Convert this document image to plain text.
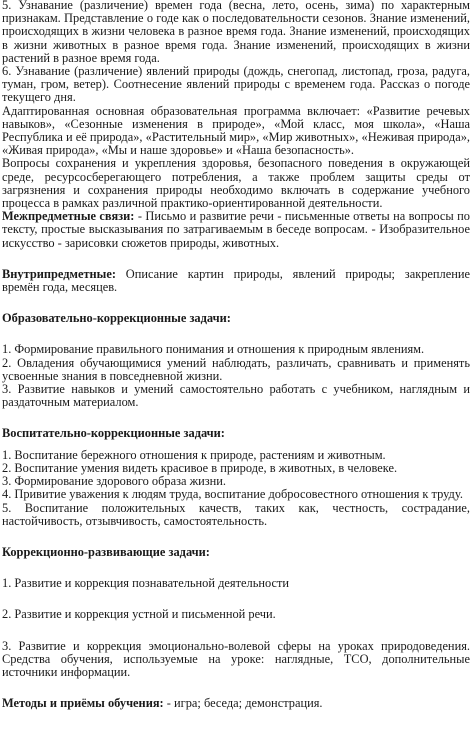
5. Узнавание (различение) времен года (весна, лето, осень, зима) по характерным признакам. Представление о годе как о последовательности сезонов. Знание изменений, происходящих в жизни человека в разное время года. Знание изменений, происходящих в жизни животных в разное время года. Знание изменений, происходящих в жизни растений в разное время года.

6. Узнавание (различение) явлений природы (дождь, снегопад, листопад, гроза, радуга, туман, гром, ветер). Соотнесение явлений природы с временем года. Рассказ о погоде текущего дня.

Адаптированная основная образовательная программа включает: «Развитие речевых навыков», «Сезонные изменения в природе», «Мой класс, моя школа», «Наша Республика и её природа», «Растительный мир», «Мир животных», «Неживая природа», «Живая природа», «Мы и наше здоровье» и «Наша безопасность».

Вопросы сохранения и укрепления здоровья, безопасного поведения в окружающей среде, ресурсосберегающего потребления, а также проблем защиты среды от загрязнения и сохранения природы необходимо включать в содержание учебного процесса в рамках различной практико-ориентированной деятельности.

Межпредметные связи: - Письмо и развитие речи - письменные ответы на вопросы по тексту, простые высказывания по затрагиваемым в беседе вопросам. - Изобразительное искусство - зарисовки сюжетов природы, животных.

Внутрипредметные: Описание картин природы, явлений природы; закрепление времён года, месяцев.

Образовательно-коррекционные задачи:

1. Формирование правильного понимания и отношения к природным явлениям.

2. Овладения обучающимися умений наблюдать, различать, сравнивать и применять усвоенные знания в повседневной жизни.

3. Развитие навыков и умений самостоятельно работать с учебником, наглядным и раздаточным материалом.

Воспитательно-коррекционные задачи:

1. Воспитание бережного отношения к природе, растениям и животным.

2. Воспитание умения видеть красивое в природе, в животных, в человеке.

3. Формирование здорового образа жизни.

4. Привитие уважения к людям труда, воспитание добросовестного отношения к труду.

5. Воспитание положительных качеств, таких как, честность, сострадание, настойчивость, отзывчивость, самостоятельность.

Коррекционно-развивающие задачи:

1. Развитие и коррекция познавательной деятельности

2. Развитие и коррекция устной и письменной речи.

3. Развитие и коррекция эмоционально-волевой сферы на уроках природоведения. Средства обучения, используемые на уроке: наглядные, ТСО, дополнительные источники информации.

Методы и приёмы обучения: - игра; беседа; демонстрация.
